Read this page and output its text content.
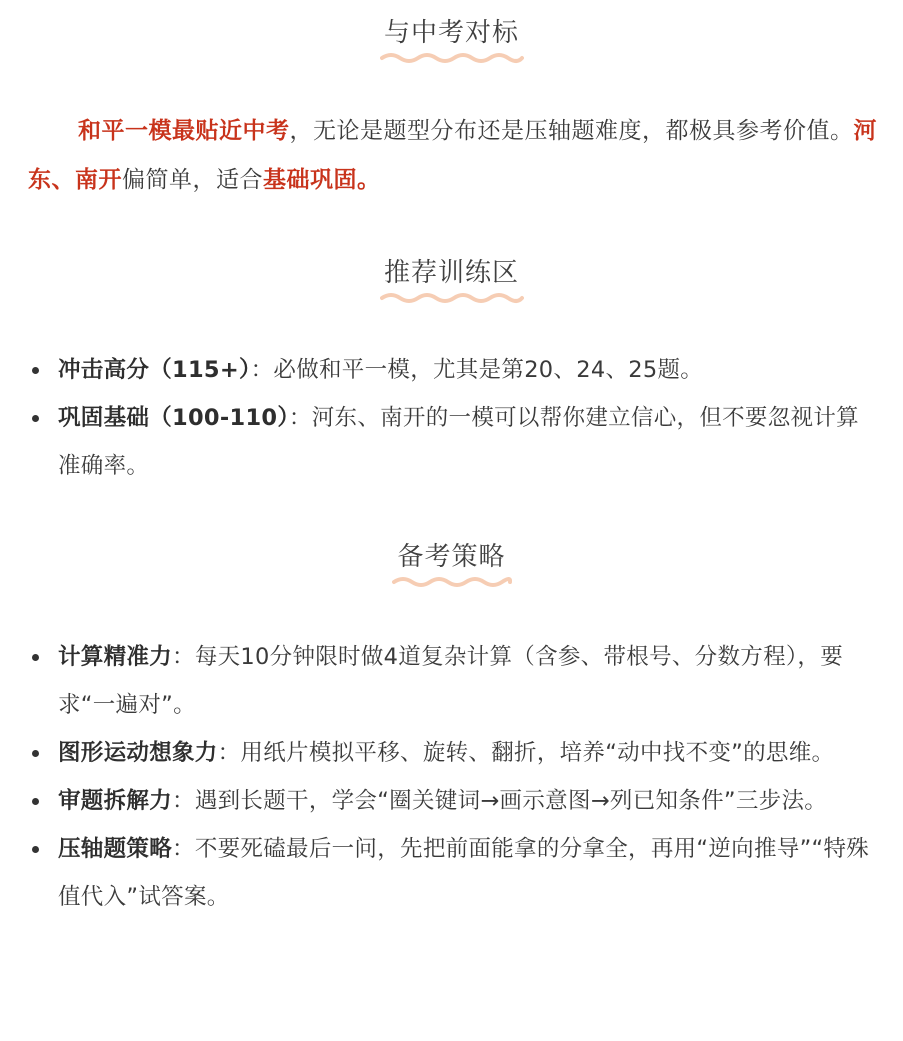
与中考对标

和平一模最贴近中考，无论是题型分布还是压轴题难度，都极具参考价值。河东、南开偏简单，适合基础巩固。

推荐训练区
冲击高分（115+）：必做和平一模，尤其是第20、24、25题。
巩固基础（100-110）：河东、南开的一模可以帮你建立信心，但不要忽视计算准确率。
备考策略
计算精准力：每天10分钟限时做4道复杂计算（含参、带根号、分数方程），要求“一遍对”。
图形运动想象力：用纸片模拟平移、旋转、翻折，培养“动中找不变”的思维。
审题拆解力：遇到长题干，学会“圈关键词→画示意图→列已知条件”三步法。
压轴题策略：不要死磕最后一问，先把前面能拿的分拿全，再用“逆向推导”“特殊值代入”试答案。
